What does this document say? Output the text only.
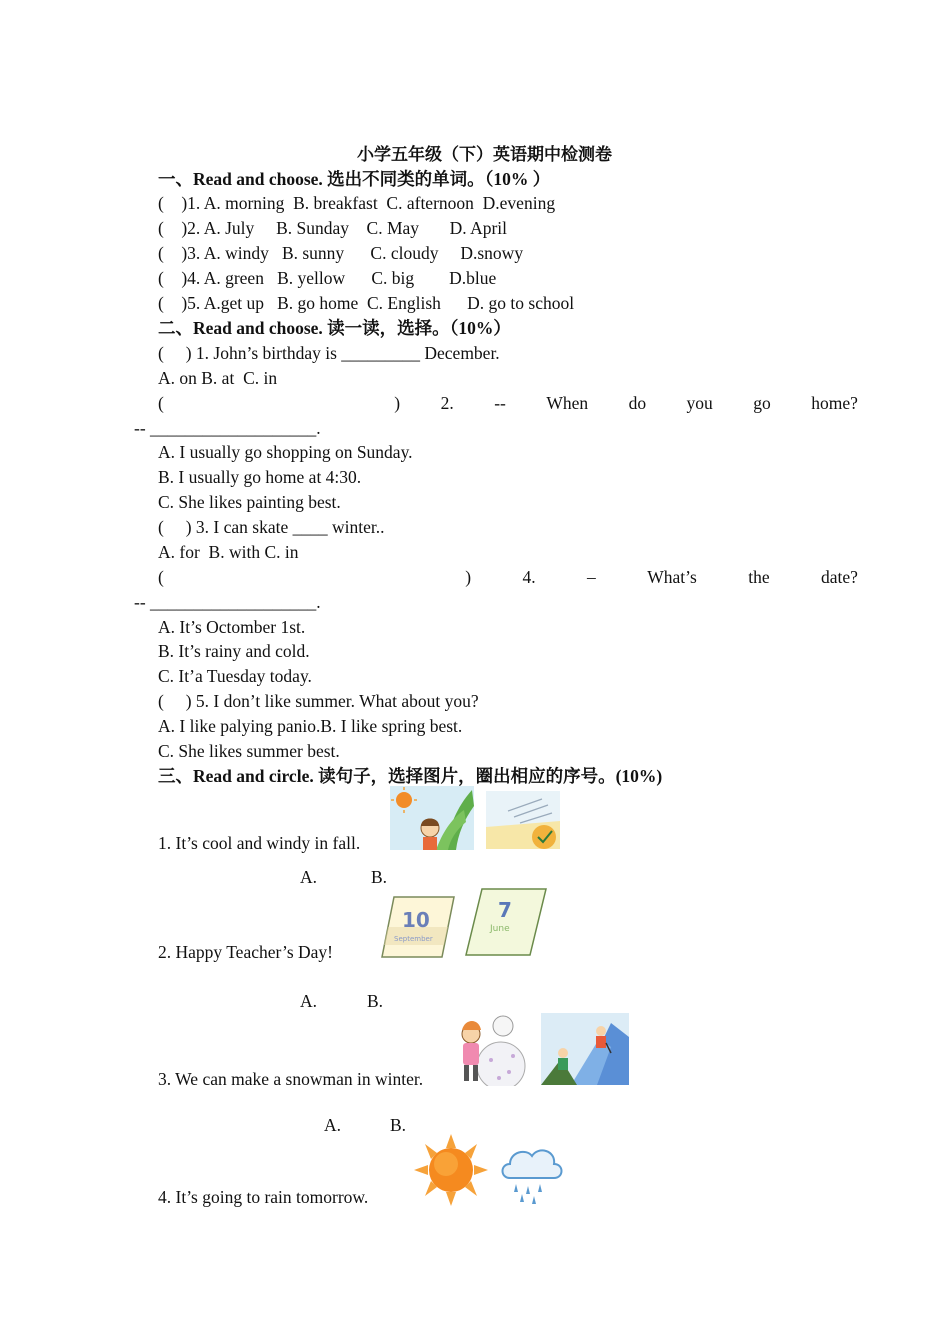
小学五年级（下）英语期中检测卷
一、Read and choose. 选出不同类的单词。（10% ）
(    )1. A. morning  B. breakfast  C. afternoon  D.evening
(    )2. A. July     B. Sunday    C. May       D. April
(    )3. A. windy   B. sunny      C. cloudy     D.snowy
(    )4. A. green   B. yellow      C. big        D.blue
(    )5. A.get up   B. go home  C. English      D. go to school
二、Read and choose. 读一读，选择。（10%）
(     ) 1. John’s birthday is _________ December.
A. on B. at  C. in
(	) 2. -- When do you go home?
-- ___________________.
A. I usually go shopping on Sunday.
B. I usually go home at 4:30.
C. She likes painting best.
(     ) 3. I can skate ____ winter..
A. for  B. with C. in
(	)	4.	–	What’s	the	date?
-- ___________________.
A. It’s Octomber 1st.
B. It’s rainy and cold.
C. It’a Tuesday today.
(     ) 5. I don’t like summer. What about you?
A. I like palying panio.B. I like spring best.
C. She likes summer best.
三、Read and circle. 读句子，选择图片，圈出相应的序号。(10%)
1. It’s cool and windy in fall.
A.	B.
2. Happy Teacher’s Day!
10
September
7
June
A.	B.
3. We can make a snowman in winter.
A.	B.
4. It’s going to rain tomorrow.
